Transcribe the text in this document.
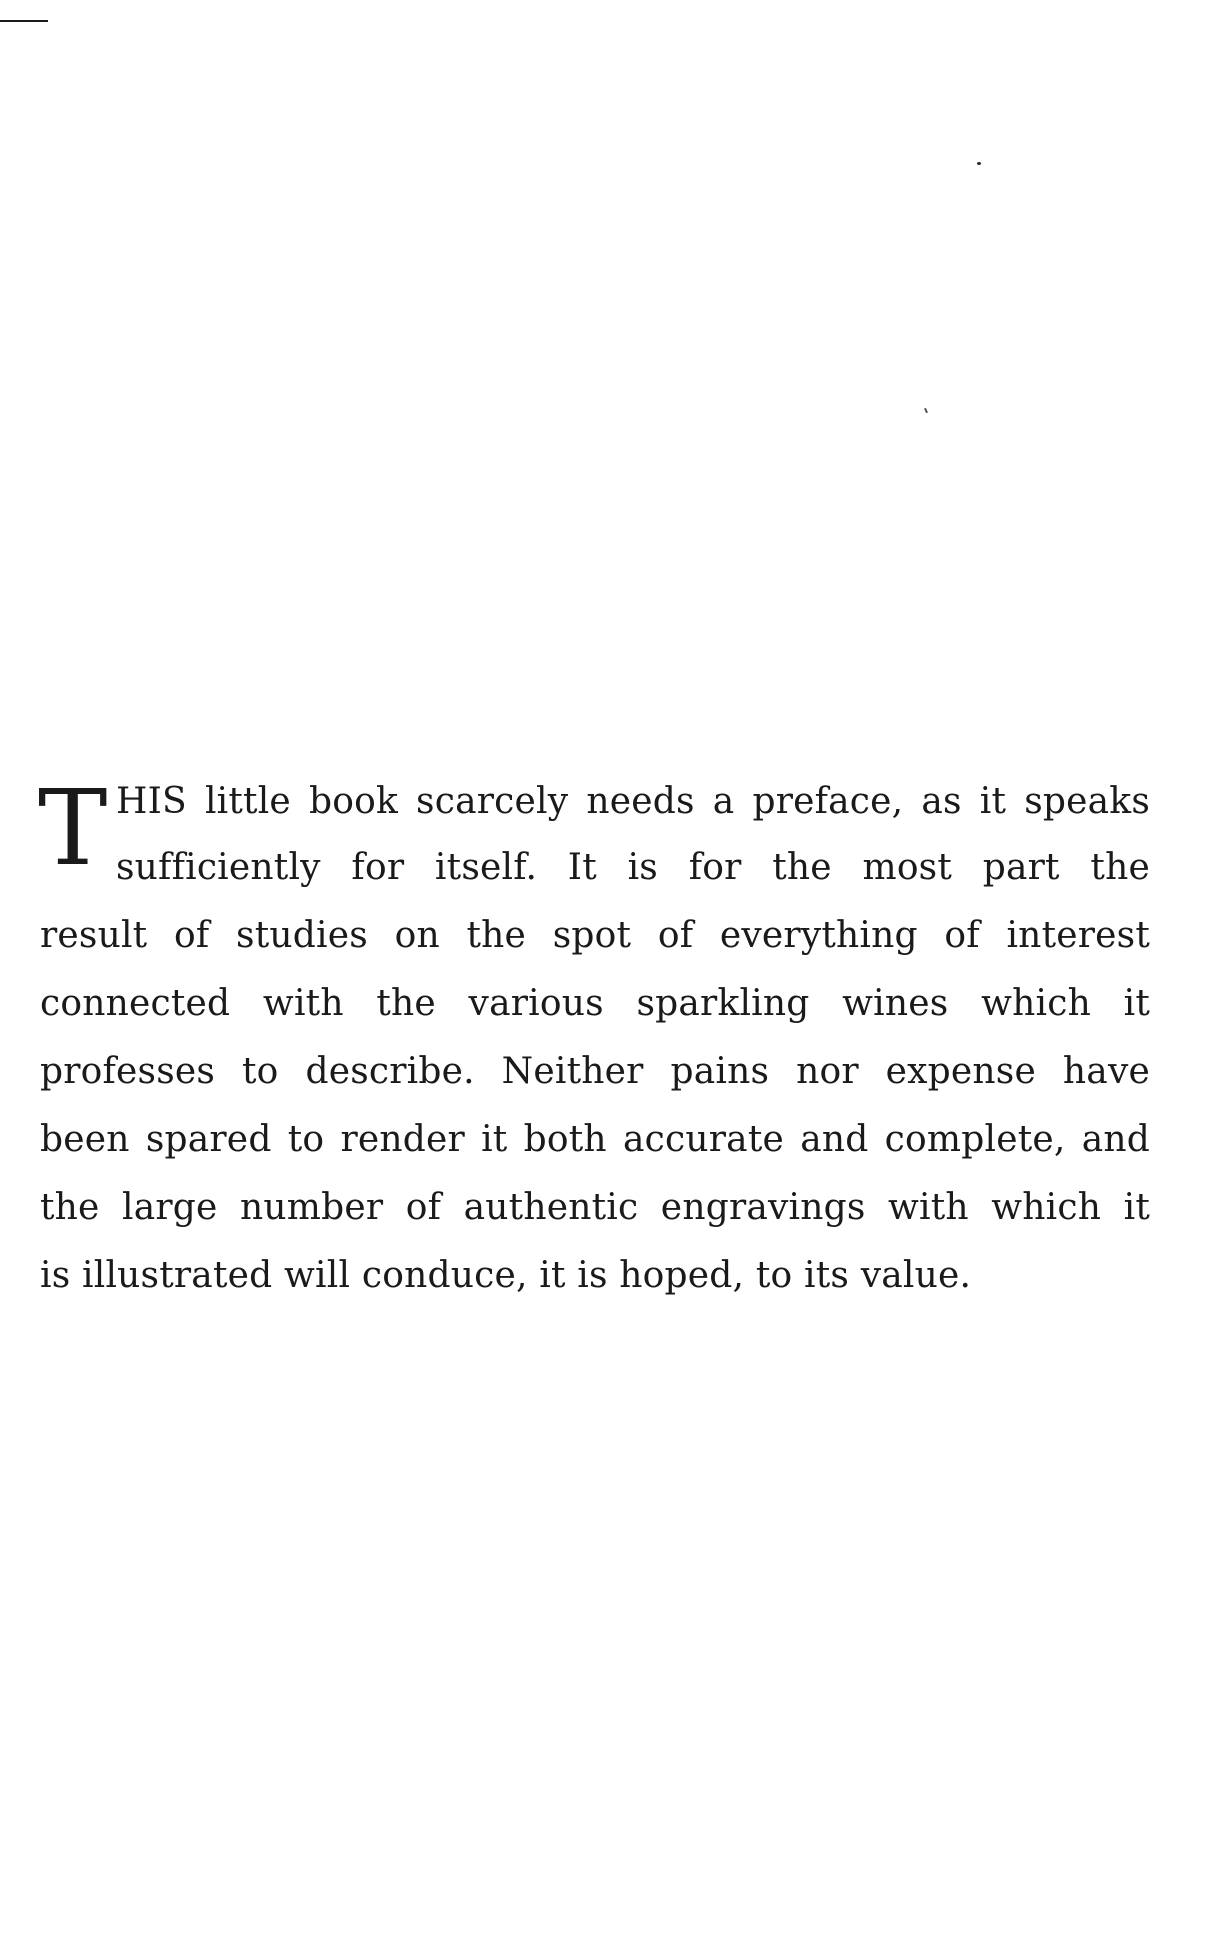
T HIS little book scarcely needs a preface, as it speaks
sufficiently for itself. It is for the most part the
result of studies on the spot of everything of interest
connected with the various sparkling wines which it
professes to describe. Neither pains nor expense have
been spared to render it both accurate and complete, and
the large number of authentic engravings with which it
is illustrated will conduce, it is hoped, to its value.
